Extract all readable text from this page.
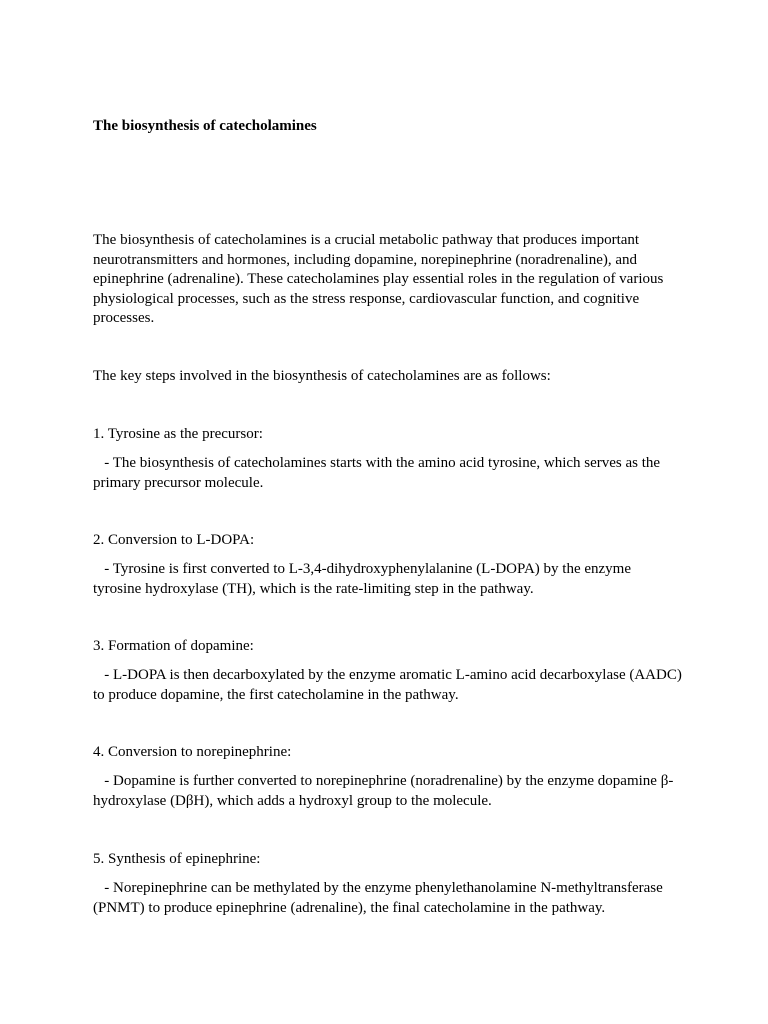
The biosynthesis of catecholamines

The biosynthesis of catecholamines is a crucial metabolic pathway that produces important neurotransmitters and hormones, including dopamine, norepinephrine (noradrenaline), and epinephrine (adrenaline). These catecholamines play essential roles in the regulation of various physiological processes, such as the stress response, cardiovascular function, and cognitive processes.

The key steps involved in the biosynthesis of catecholamines are as follows:

1. Tyrosine as the precursor:

- The biosynthesis of catecholamines starts with the amino acid tyrosine, which serves as the primary precursor molecule.

2. Conversion to L-DOPA:

- Tyrosine is first converted to L-3,4-dihydroxyphenylalanine (L-DOPA) by the enzyme tyrosine hydroxylase (TH), which is the rate-limiting step in the pathway.

3. Formation of dopamine:

- L-DOPA is then decarboxylated by the enzyme aromatic L-amino acid decarboxylase (AADC) to produce dopamine, the first catecholamine in the pathway.

4. Conversion to norepinephrine:

- Dopamine is further converted to norepinephrine (noradrenaline) by the enzyme dopamine β-hydroxylase (DβH), which adds a hydroxyl group to the molecule.

5. Synthesis of epinephrine:

- Norepinephrine can be methylated by the enzyme phenylethanolamine N-methyltransferase (PNMT) to produce epinephrine (adrenaline), the final catecholamine in the pathway.
